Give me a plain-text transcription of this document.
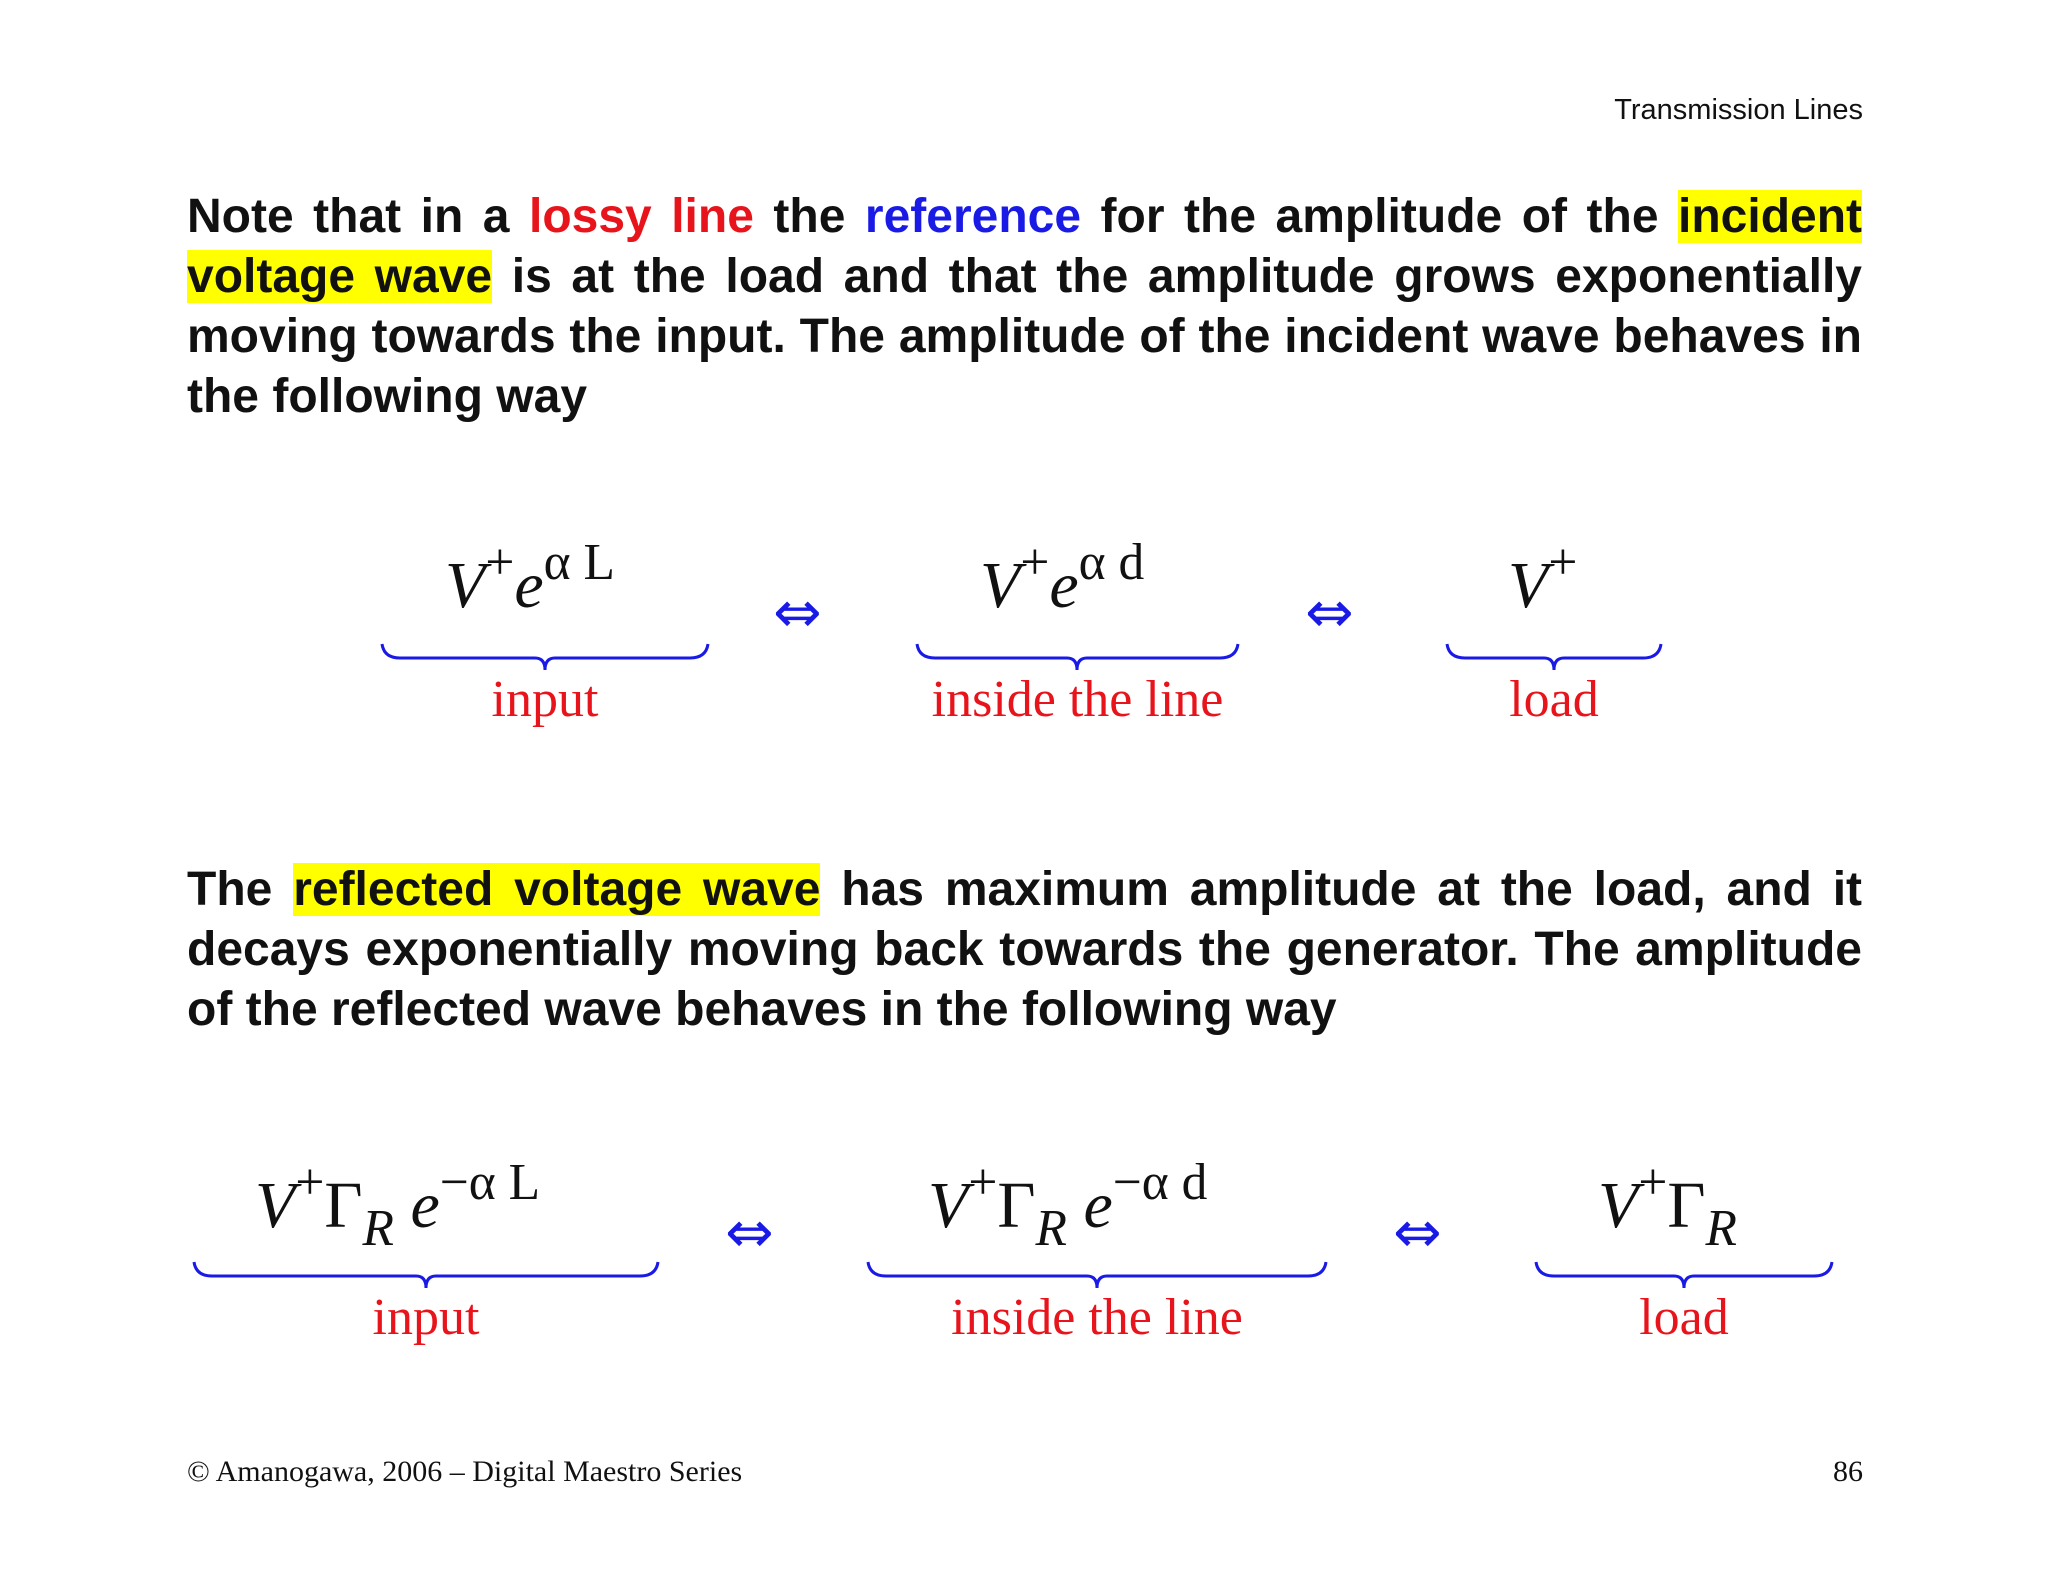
Transmission Lines
Note that in a lossy line the reference for the amplitude of the incident voltage wave is at the load and that the amplitude grows exponentially moving towards the input. The amplitude of the incident wave behaves in the following way
$V^+e^{\alpha L}$
input
⇔ $V^+e^{\alpha d}$
inside the line
⇔ V+
load
The reflected voltage wave has maximum amplitude at the load, and it decays exponentially moving back towards the generator. The amplitude of the reflected wave behaves in the following way
$V^+\Gamma_R$ $e^{-\alpha L}$
input
⇔ $V^+\Gamma_R$ $e^{-\alpha d}$
inside the line
⇔ $V^+\Gamma_R$
load
© Amanogawa, 2006 – Digital Maestro Series	86
